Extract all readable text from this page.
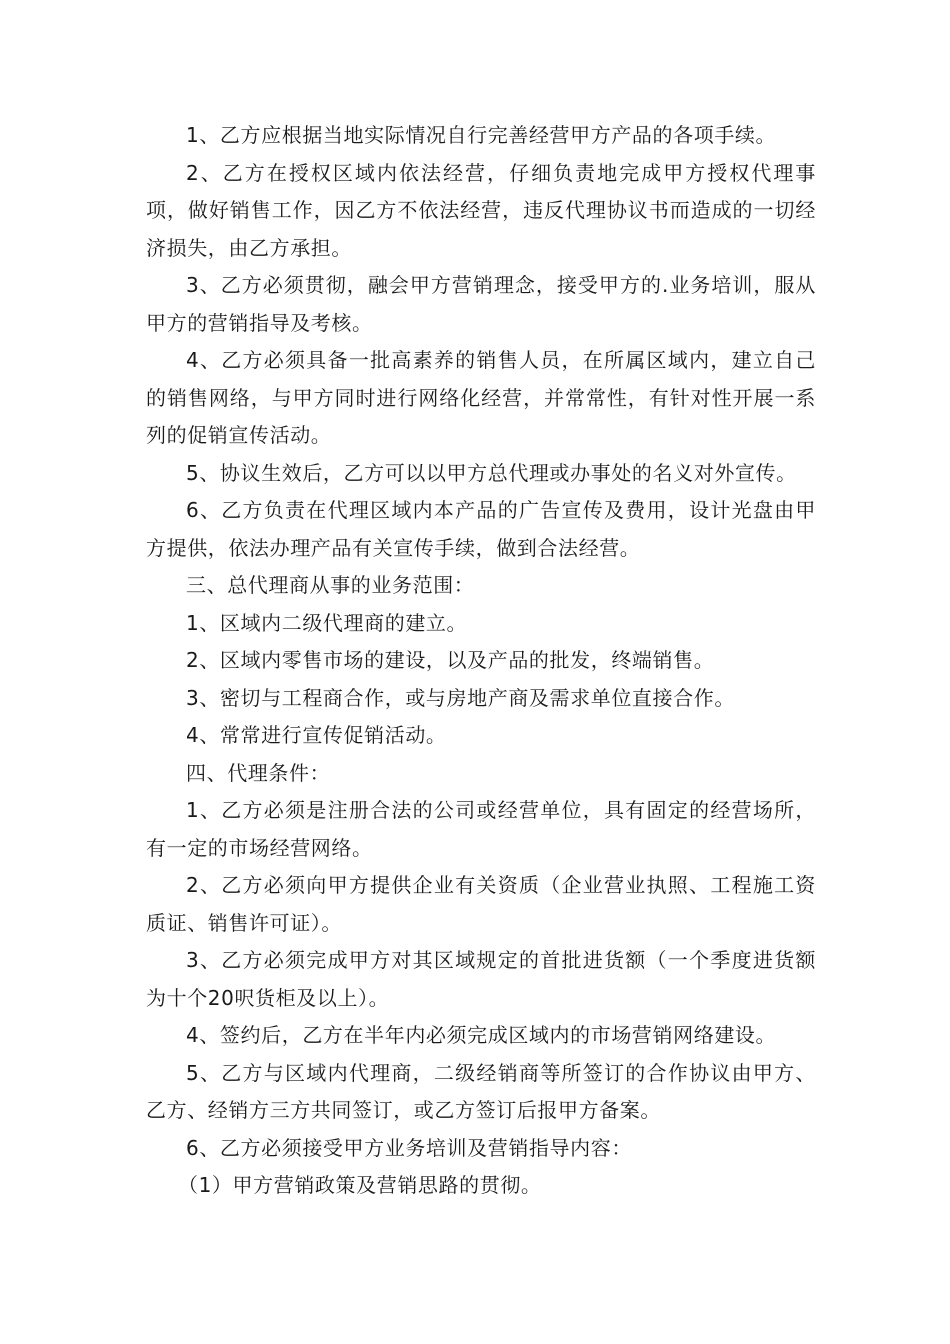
1、乙方应根据当地实际情况自行完善经营甲方产品的各项手续。

2、乙方在授权区域内依法经营，仔细负责地完成甲方授权代理事项，做好销售工作，因乙方不依法经营，违反代理协议书而造成的一切经济损失，由乙方承担。

3、乙方必须贯彻，融会甲方营销理念，接受甲方的.业务培训，服从甲方的营销指导及考核。

4、乙方必须具备一批高素养的销售人员，在所属区域内，建立自己的销售网络，与甲方同时进行网络化经营，并常常性，有针对性开展一系列的促销宣传活动。

5、协议生效后，乙方可以以甲方总代理或办事处的名义对外宣传。

6、乙方负责在代理区域内本产品的广告宣传及费用，设计光盘由甲方提供，依法办理产品有关宣传手续，做到合法经营。

三、总代理商从事的业务范围：

1、区域内二级代理商的建立。

2、区域内零售市场的建设，以及产品的批发，终端销售。

3、密切与工程商合作，或与房地产商及需求单位直接合作。

4、常常进行宣传促销活动。

四、代理条件：

1、乙方必须是注册合法的公司或经营单位，具有固定的经营场所，有一定的市场经营网络。

2、乙方必须向甲方提供企业有关资质（企业营业执照、工程施工资质证、销售许可证）。

3、乙方必须完成甲方对其区域规定的首批进货额（一个季度进货额为十个20呎货柜及以上）。

4、签约后，乙方在半年内必须完成区域内的市场营销网络建设。

5、乙方与区域内代理商，二级经销商等所签订的合作协议由甲方、乙方、经销方三方共同签订，或乙方签订后报甲方备案。

6、乙方必须接受甲方业务培训及营销指导内容：

（1）甲方营销政策及营销思路的贯彻。
